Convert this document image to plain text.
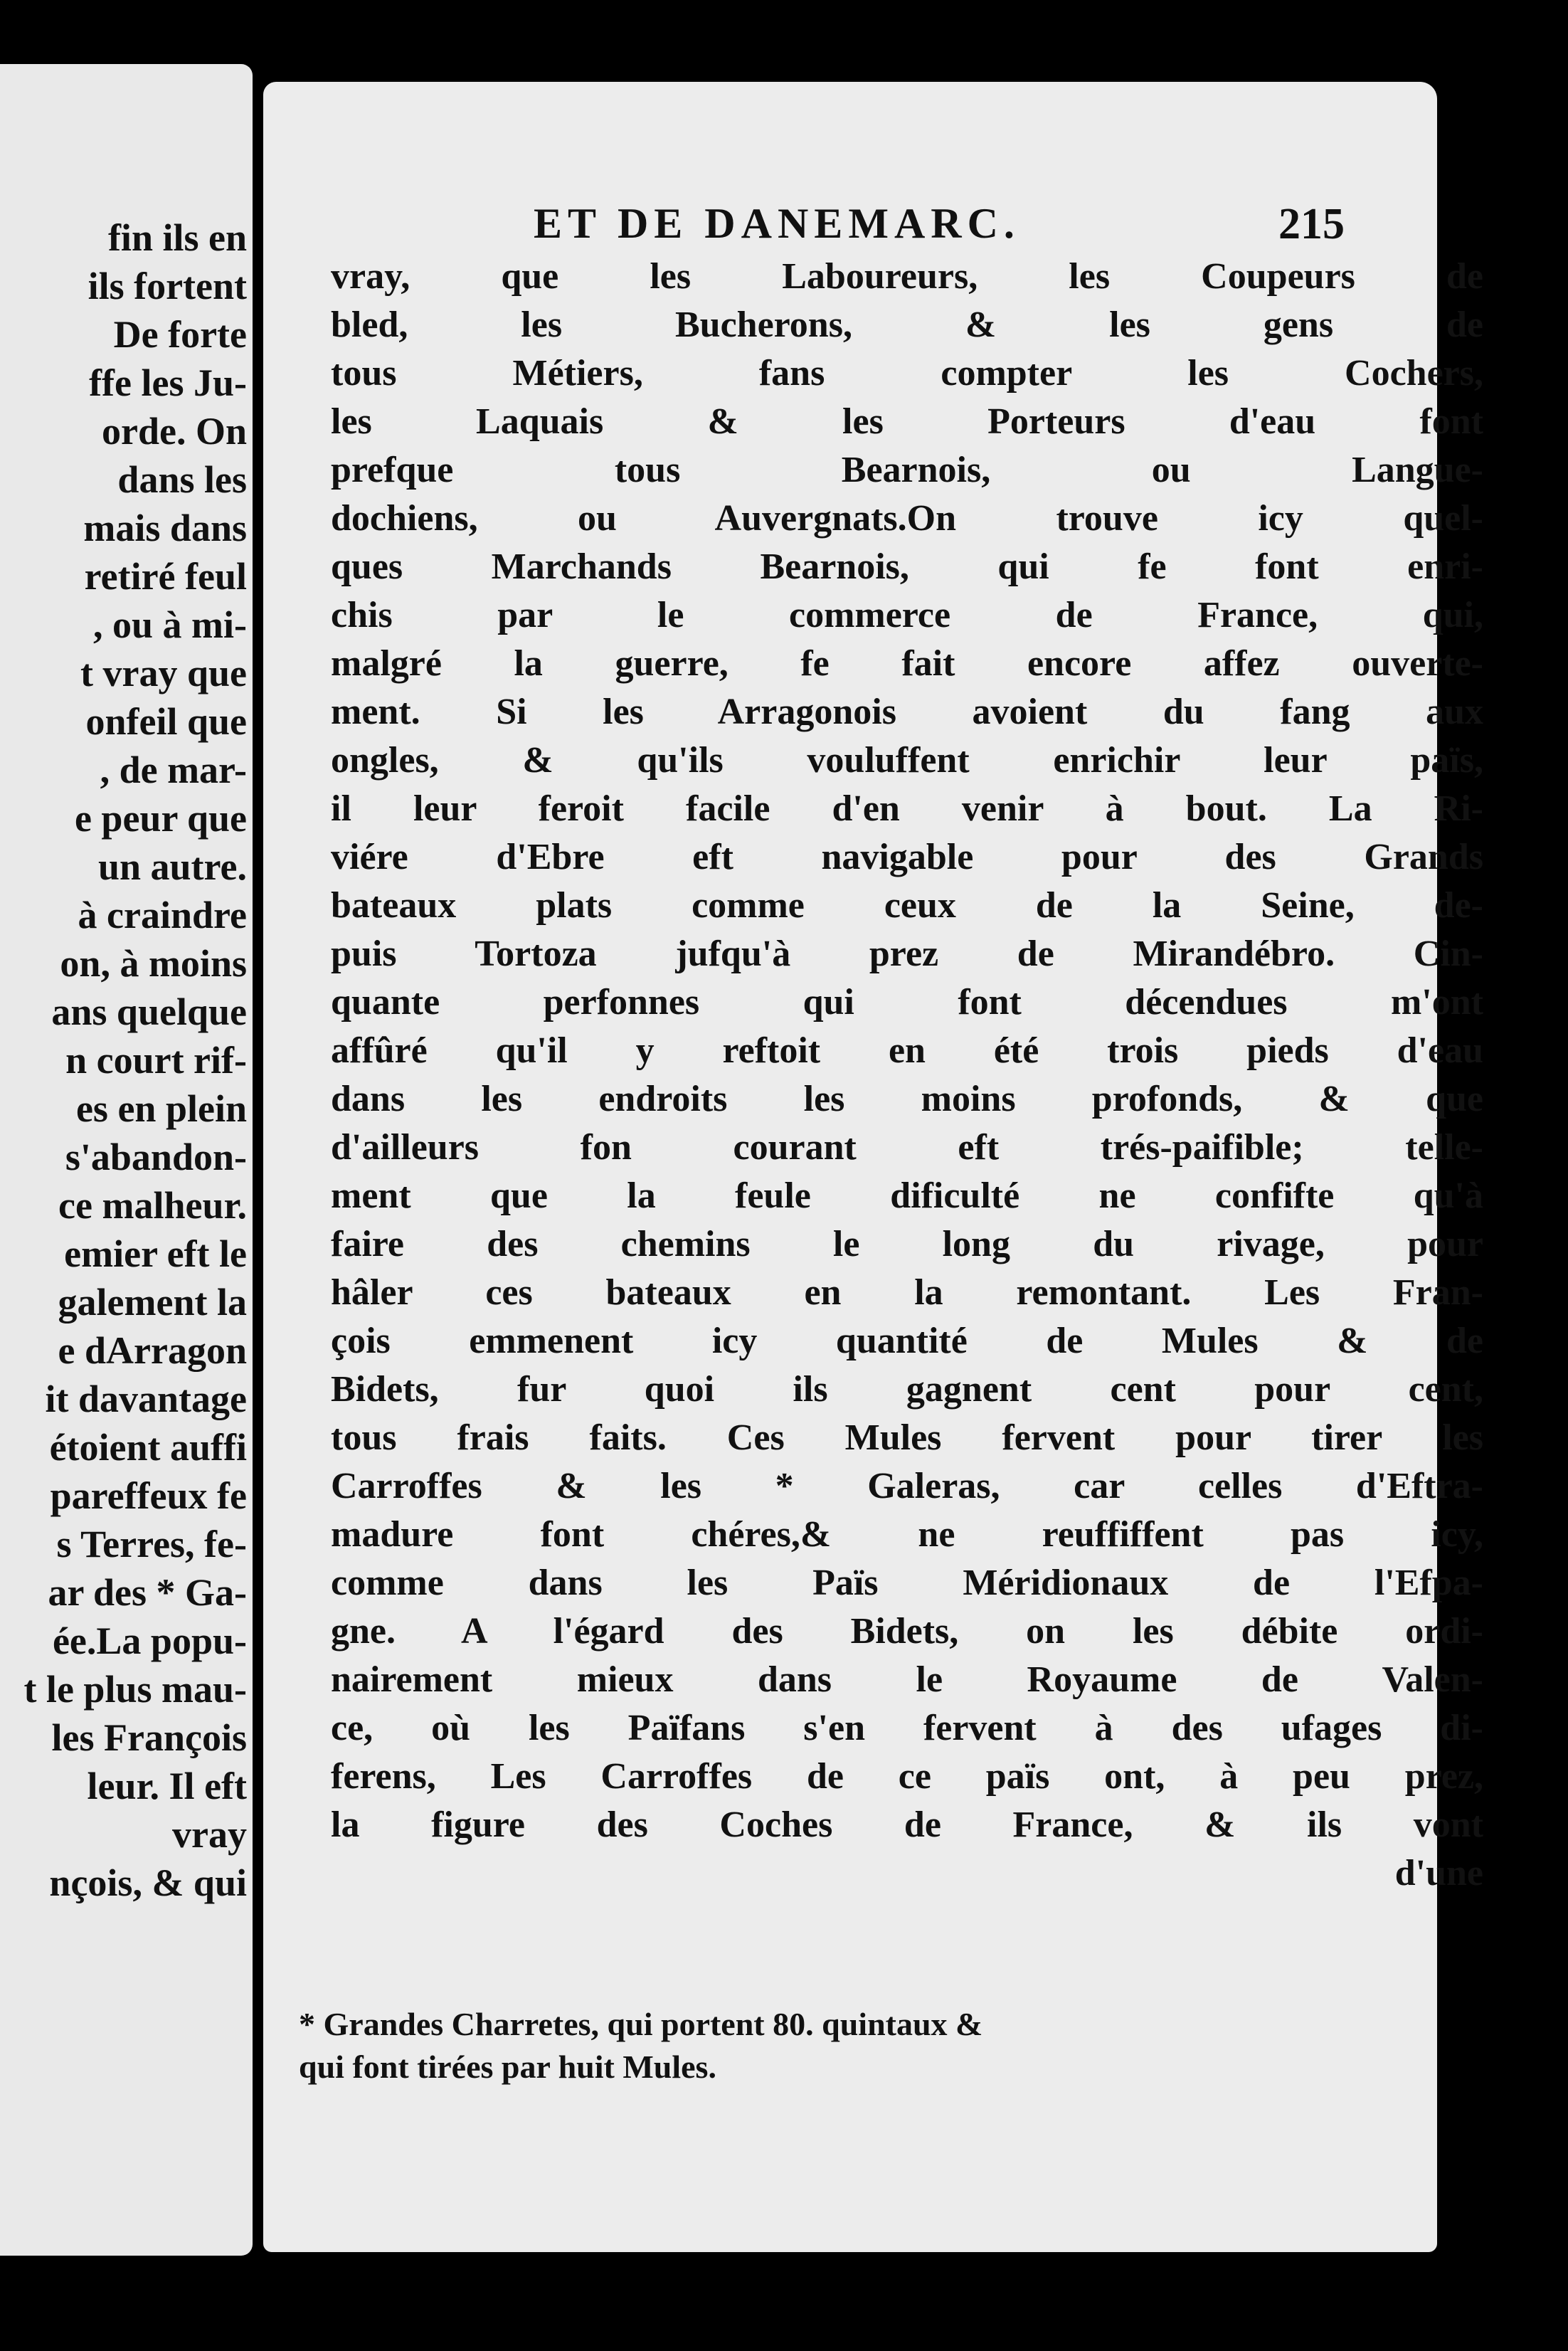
fin ils en
ils fortent
De forte
ffe les Ju-
orde. On
dans les
mais dans
retiré feul
, ou à mi-
t vray que
onfeil que
, de mar-
e peur que
un autre.
à craindre
on, à moins
ans quelque
n court rif-
es en plein
s'abandon-
ce malheur.
emier eft le
galement la
e dArragon
it davantage
étoient auffi
pareffeux fe
s Terres, fe-
ar des * Ga-
ée.La popu-
t le plus mau-
les François
leur. Il eft
vray
nçois, & qui
ET DE DANEMARC.	215
vray, que les Laboureurs, les Coupeurs de
bled, les Bucherons, & les gens de
tous Métiers, fans compter les Cochers,
les Laquais & les Porteurs d'eau font
prefque tous Bearnois, ou Langue-
dochiens, ou Auvergnats.On trouve icy quel-
ques Marchands Bearnois, qui fe font enri-
chis par le commerce de France, qui,
malgré la guerre, fe fait encore affez ouverte-
ment. Si les Arragonois avoient du fang aux
ongles, & qu'ils vouluffent enrichir leur païs,
il leur feroit facile d'en venir à bout. La Ri-
viére d'Ebre eft navigable pour des Grands
bateaux plats comme ceux de la Seine, de-
puis Tortoza jufqu'à prez de Mirandébro. Cin-
quante perfonnes qui font décendues m'ont
affûré qu'il y reftoit en été trois pieds d'eau
dans les endroits les moins profonds, & que
d'ailleurs fon courant eft trés-paifible; telle-
ment que la feule dificulté ne confifte qu'à
faire des chemins le long du rivage, pour
hâler ces bateaux en la remontant. Les Fran-
çois emmenent icy quantité de Mules & de
Bidets, fur quoi ils gagnent cent pour cent,
tous frais faits. Ces Mules fervent pour tirer les
Carroffes & les * Galeras, car celles d'Eftra-
madure font chéres,& ne reuffiffent pas icy,
comme dans les Païs Méridionaux de l'Efpa-
gne. A l'égard des Bidets, on les débite ordi-
nairement mieux dans le Royaume de Valen-
ce, où les Païfans s'en fervent à des ufages di-
ferens, Les Carroffes de ce païs ont, à peu prez,
la figure des Coches de France, & ils vont
d'une
* Grandes Charretes, qui portent 80. quintaux &
qui font tirées par huit Mules.
